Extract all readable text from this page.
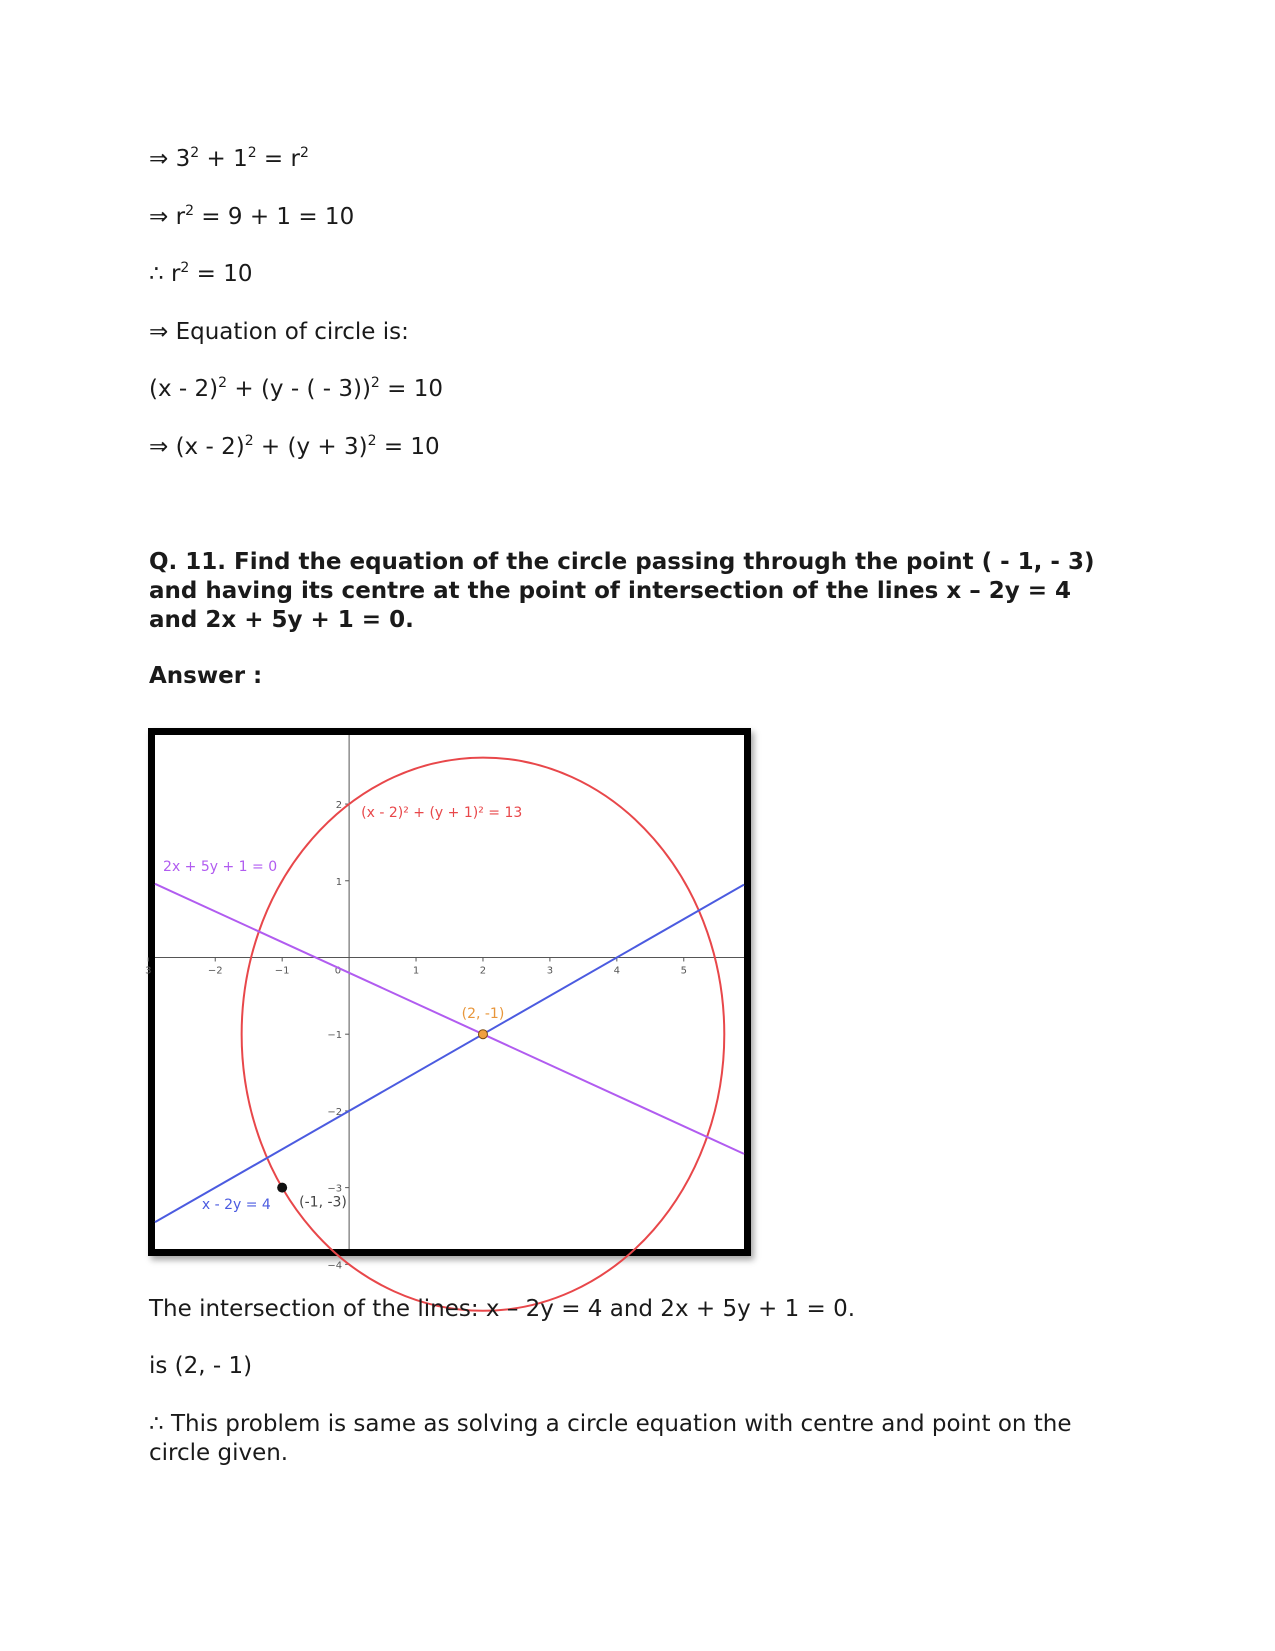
⇒ $3^2 + 1^2 = r^2$
⇒ $r^2 = 9 + 1 = 10$
∴ $r^2 = 10$
⇒ Equation of circle is:
(x - 2)$^2$ + (y - ( - 3))$^2$ = 10
⇒ $(x - 2)^2 + (y + 3)^2 = 10$
Q. 11. Find the equation of the circle passing through the point ( - 1, - 3) and having its centre at the point of intersection of the lines x – 2y = 4 and 2x + 5y + 1 = 0.
Answer :
3	−2	−1	1	2	3	4	5
2
1
−1
−2
−3
−4
0
(x - 2)² + (y + 1)² = 13
2x + 5y + 1 = 0
x - 2y = 4
(2, -1)
(-1, -3)
The intersection of the lines: x – 2y = 4 and 2x + 5y + 1 = 0.
is (2, - 1)
∴ This problem is same as solving a circle equation with centre and point on the circle given.
